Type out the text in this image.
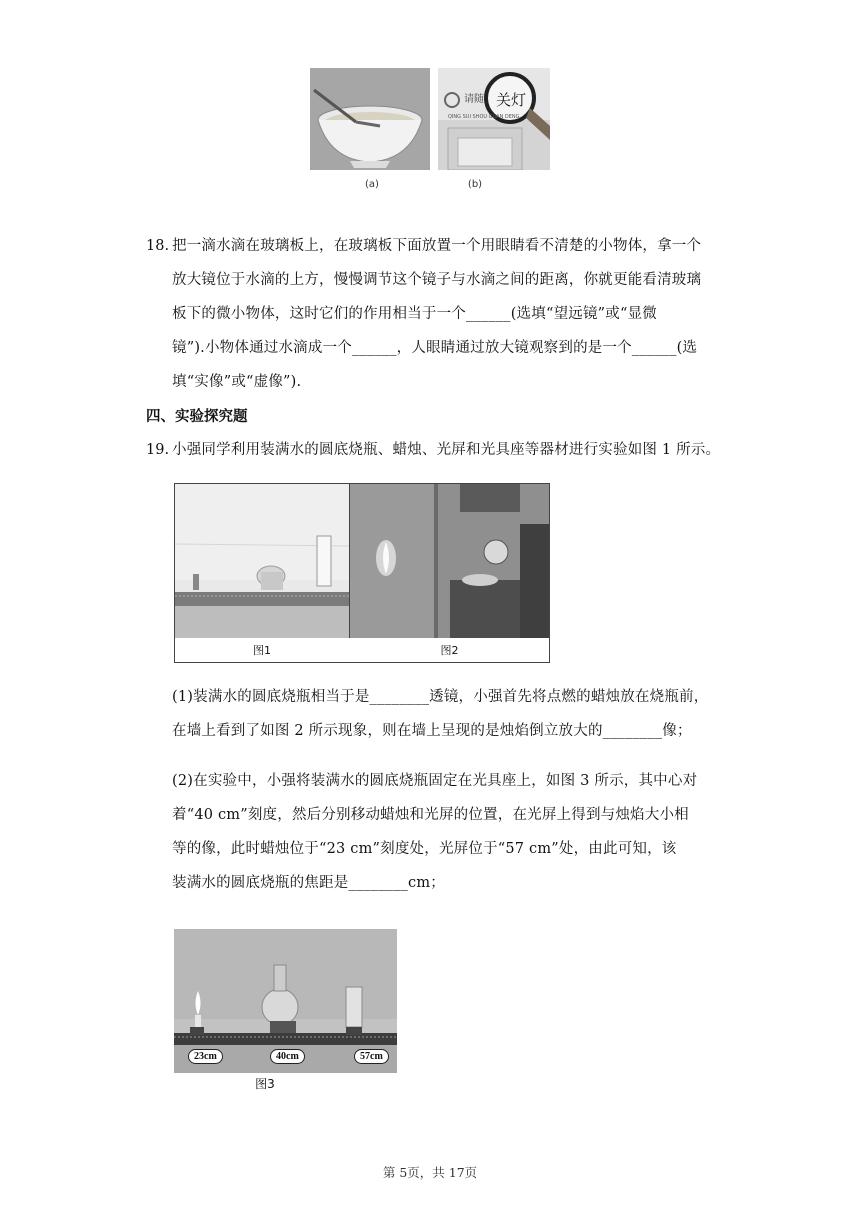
请随 关灯
QING SUI SHOU GUAN DENG
(a)	(b)
18. 把一滴水滴在玻璃板上，在玻璃板下面放置一个用眼睛看不清楚的小物体，拿一个
放大镜位于水滴的上方，慢慢调节这个镜子与水滴之间的距离，你就更能看清玻璃
板下的微小物体，这时它们的作用相当于一个______(选填“望远镜”或“显微
镜”).小物体通过水滴成一个______，人眼睛通过放大镜观察到的是一个______(选
填“实像”或“虚像”).
四、实验探究题
19. 小强同学利用装满水的圆底烧瓶、蜡烛、光屏和光具座等器材进行实验如图 1 所示。
图1	图2
(1)装满水的圆底烧瓶相当于是________透镜，小强首先将点燃的蜡烛放在烧瓶前，
在墙上看到了如图 2 所示现象，则在墙上呈现的是烛焰倒立放大的________像；
(2)在实验中，小强将装满水的圆底烧瓶固定在光具座上，如图 3 所示，其中心对
着“40 cm”刻度，然后分别移动蜡烛和光屏的位置，在光屏上得到与烛焰大小相
等的像，此时蜡烛位于“23 cm”刻度处，光屏位于“57 cm”处，由此可知，该
装满水的圆底烧瓶的焦距是________cm；
23cm	40cm	57cm
图3
第 5页，共 17页
